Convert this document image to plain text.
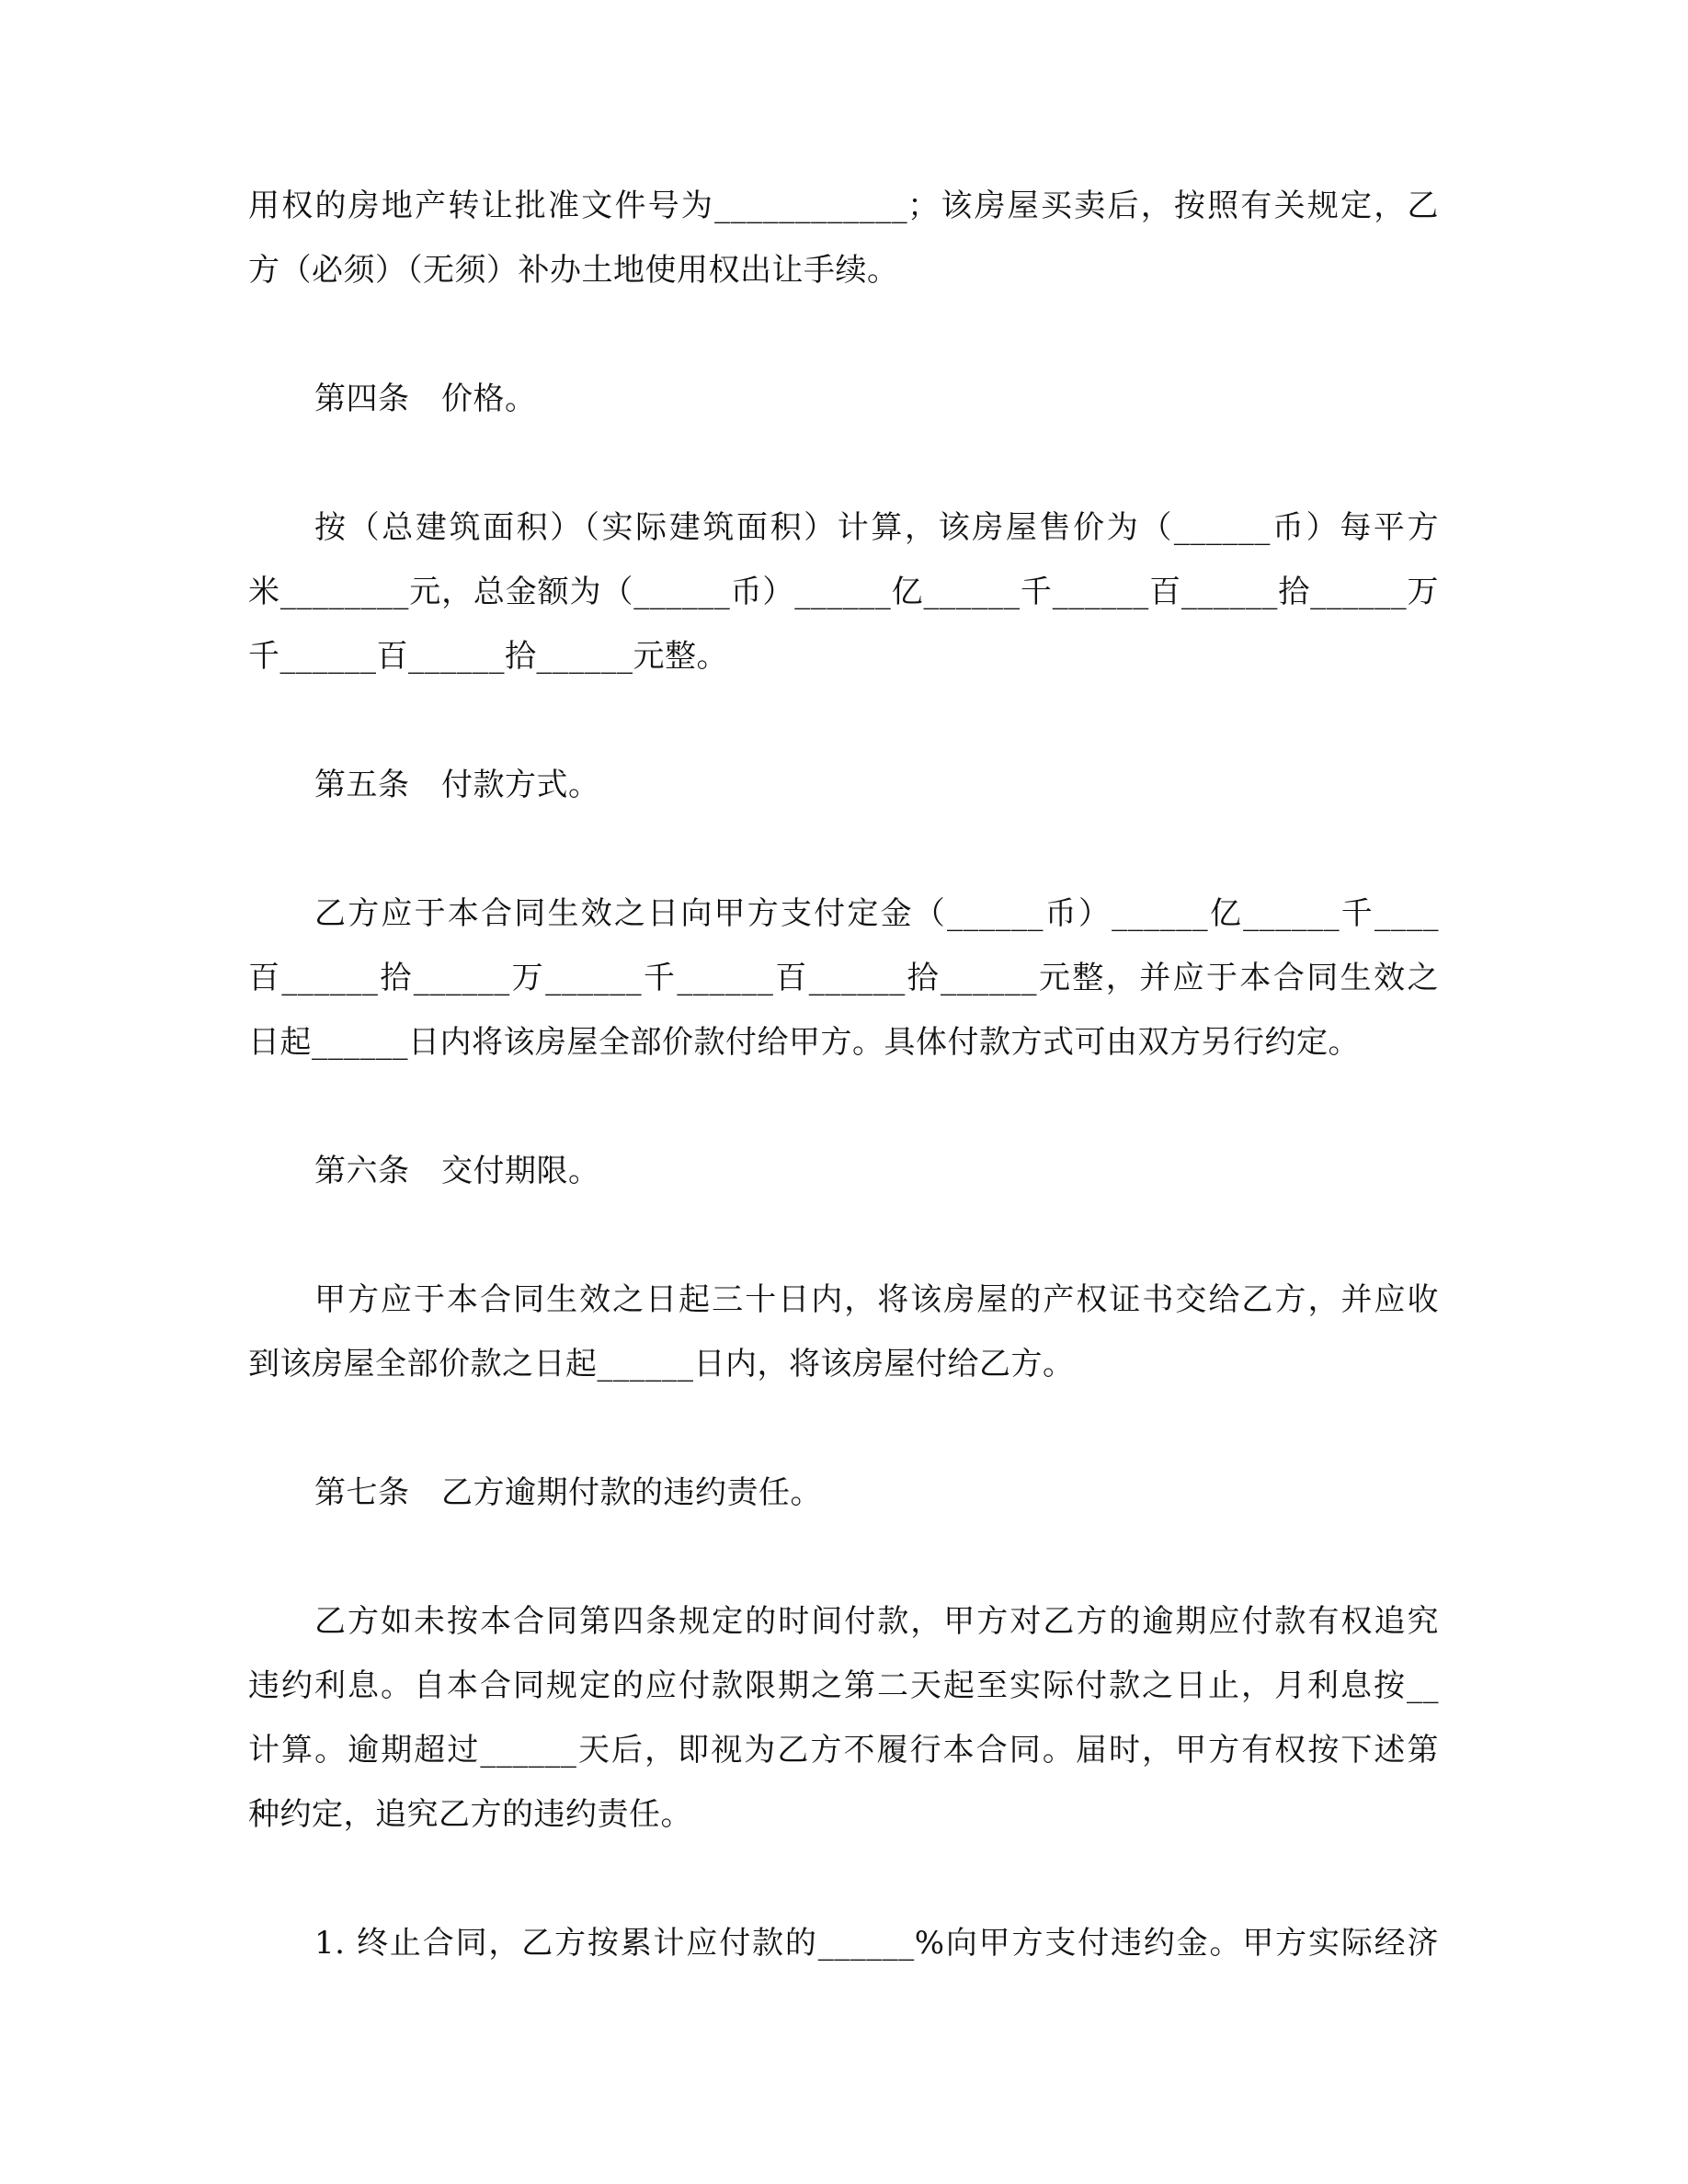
用权的房地产转让批准文件号为____________；该房屋买卖后，按照有关规定，乙
方（必须）（无须）补办土地使用权出让手续。
第四条　价格。
按（总建筑面积）（实际建筑面积）计算，该房屋售价为（______币）每平方
米________元，总金额为（______币）______亿______千______百______拾______万
千______百______拾______元整。
第五条　付款方式。
乙方应于本合同生效之日向甲方支付定金（______币）______亿______千____
百______拾______万______千______百______拾______元整，并应于本合同生效之
日起______日内将该房屋全部价款付给甲方。具体付款方式可由双方另行约定。
第六条　交付期限。
甲方应于本合同生效之日起三十日内，将该房屋的产权证书交给乙方，并应收
到该房屋全部价款之日起______日内，将该房屋付给乙方。
第七条　乙方逾期付款的违约责任。
乙方如未按本合同第四条规定的时间付款，甲方对乙方的逾期应付款有权追究
违约利息。自本合同规定的应付款限期之第二天起至实际付款之日止，月利息按__
计算。逾期超过______天后，即视为乙方不履行本合同。届时，甲方有权按下述第
种约定，追究乙方的违约责任。
1. 终止合同，乙方按累计应付款的______%向甲方支付违约金。甲方实际经济
